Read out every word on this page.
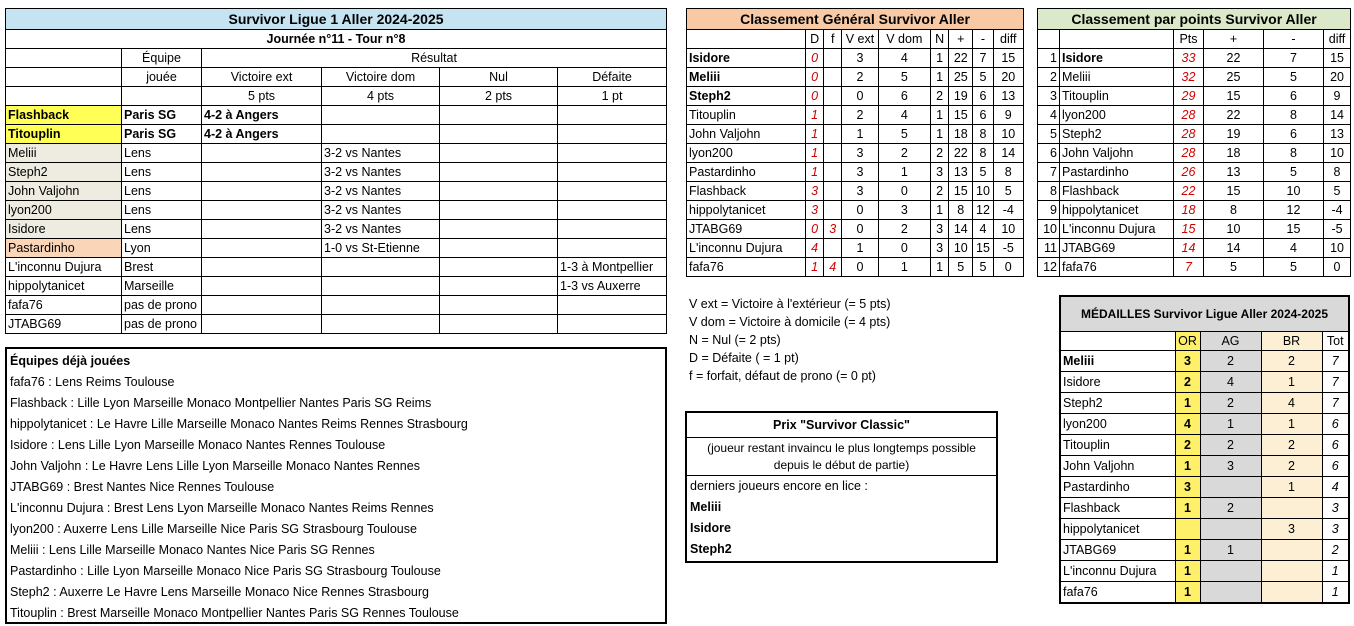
Survivor Ligue 1 Aller 2024-2025					
Journée n°11 - Tour n°8					
	Équipe	Résultat			
	jouée	Victoire ext	Victoire dom	Nul	Défaite
		5 pts	4 pts	2 pts	1 pt
Flashback	Paris SG	4-2 à Angers			
Titouplin	Paris SG	4-2 à Angers			
Meliii	Lens		3-2 vs Nantes		
Steph2	Lens		3-2 vs Nantes		
John Valjohn	Lens		3-2 vs Nantes		
lyon200	Lens		3-2 vs Nantes		
Isidore	Lens		3-2 vs Nantes		
Pastardinho	Lyon		1-0 vs St-Etienne		
L'inconnu Dujura	Brest				1-3 à Montpellier
hippolytanicet	Marseille				1-3 vs Auxerre
fafa76	pas de prono				
JTABG69	pas de prono				
Équipes déjà jouées
fafa76 : Lens Reims Toulouse
Flashback : Lille Lyon Marseille Monaco Montpellier Nantes Paris SG Reims
hippolytanicet : Le Havre Lille Marseille Monaco Nantes Reims Rennes Strasbourg
Isidore : Lens Lille Lyon Marseille Monaco Nantes Rennes Toulouse
John Valjohn : Le Havre Lens Lille Lyon Marseille Monaco Nantes Rennes
JTABG69 : Brest Nantes Nice Rennes Toulouse
L'inconnu Dujura : Brest Lens Lyon Marseille Monaco Nantes Reims Rennes
lyon200 : Auxerre Lens Lille Marseille Nice Paris SG Strasbourg Toulouse
Meliii : Lens Lille Marseille Monaco Nantes Nice Paris SG Rennes
Pastardinho : Lille Lyon Marseille Monaco Nice Paris SG Strasbourg Toulouse
Steph2 : Auxerre Le Havre Lens Marseille Monaco Nice Rennes Strasbourg
Titouplin : Brest Marseille Monaco Montpellier Nantes Paris SG Rennes Toulouse
Classement Général Survivor Aller								
	D	f	V ext	V dom	N	+	-	diff
Isidore	0		3	4	1	22	7	15
Meliii	0		2	5	1	25	5	20
Steph2	0		0	6	2	19	6	13
Titouplin	1		2	4	1	15	6	9
John Valjohn	1		1	5	1	18	8	10
lyon200	1		3	2	2	22	8	14
Pastardinho	1		3	1	3	13	5	8
Flashback	3		3	0	2	15	10	5
hippolytanicet	3		0	3	1	8	12	-4
JTABG69	0	3	0	2	3	14	4	10
L'inconnu Dujura	4		1	0	3	10	15	-5
fafa76	1	4	0	1	1	5	5	0
Classement par points Survivor Aller					
		Pts	+	-	diff
1	Isidore	33	22	7	15
2	Meliii	32	25	5	20
3	Titouplin	29	15	6	9
4	lyon200	28	22	8	14
5	Steph2	28	19	6	13
6	John Valjohn	28	18	8	10
7	Pastardinho	26	13	5	8
8	Flashback	22	15	10	5
9	hippolytanicet	18	8	12	-4
10	L'inconnu Dujura	15	10	15	-5
11	JTABG69	14	14	4	10
12	fafa76	7	5	5	0
V ext = Victoire à l'extérieur (= 5 pts)
V dom = Victoire à domicile (= 4 pts)
N = Nul (= 2 pts)
D = Défaite ( = 1 pt)
f = forfait, défaut de prono (= 0 pt)
Prix "Survivor Classic"
(joueur restant invaincu le plus longtemps possible
depuis le début de partie)
derniers joueurs encore en lice :
Meliii
Isidore
Steph2
MÉDAILLES Survivor Ligue Aller 2024-2025				
	OR	AG	BR	Tot
Meliii	3	2	2	7
Isidore	2	4	1	7
Steph2	1	2	4	7
lyon200	4	1	1	6
Titouplin	2	2	2	6
John Valjohn	1	3	2	6
Pastardinho	3		1	4
Flashback	1	2		3
hippolytanicet			3	3
JTABG69	1	1		2
L'inconnu Dujura	1			1
fafa76	1			1
